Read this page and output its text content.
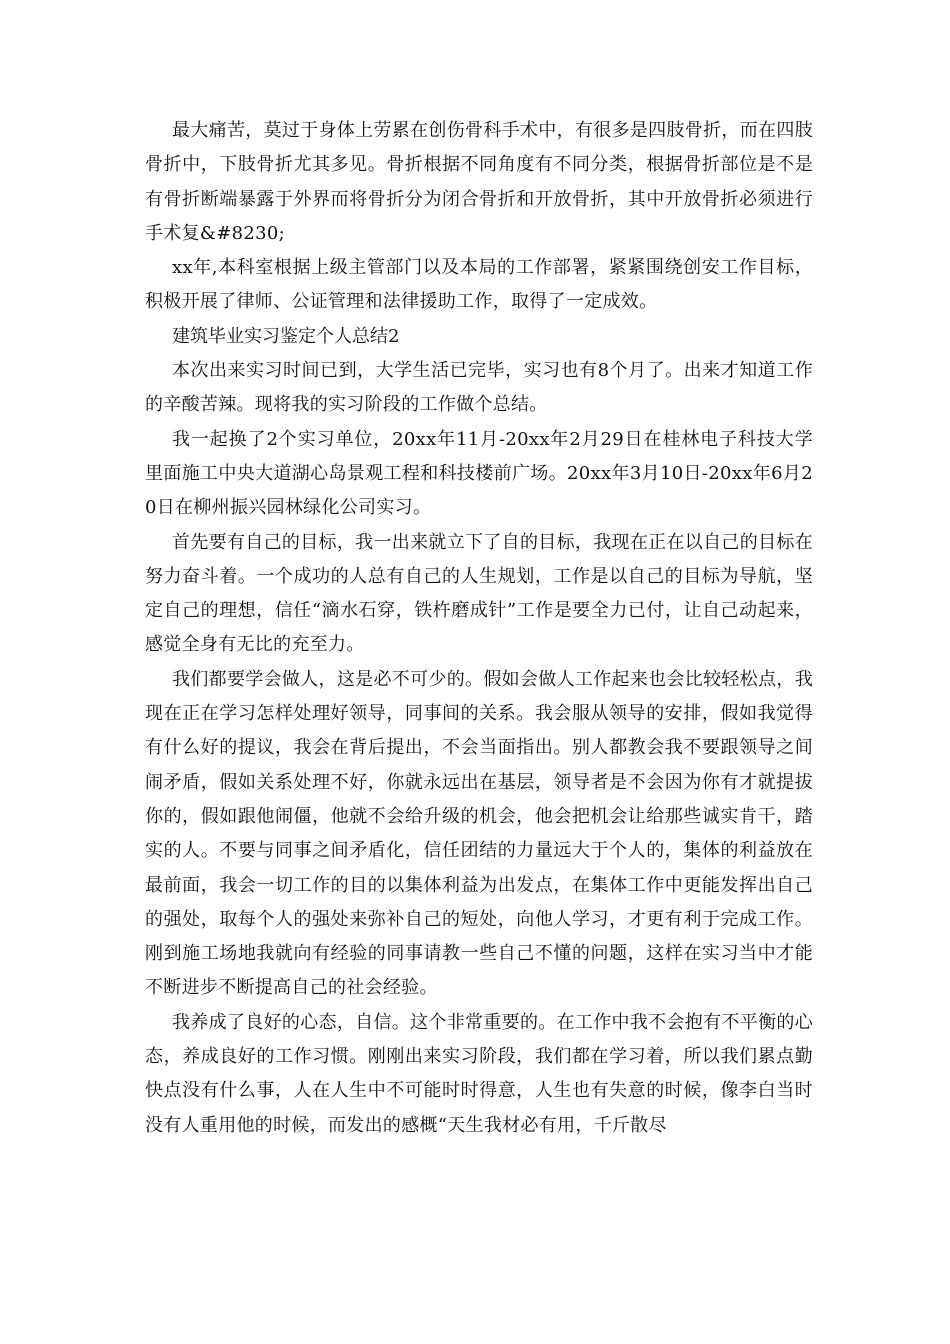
最大痛苦，莫过于身体上劳累在创伤骨科手术中，有很多是四肢骨折，而在四肢骨折中，下肢骨折尤其多见。骨折根据不同角度有不同分类，根据骨折部位是不是有骨折断端暴露于外界而将骨折分为闭合骨折和开放骨折，其中开放骨折必须进行手术复&#8230;

xx年,本科室根据上级主管部门以及本局的工作部署，紧紧围绕创安工作目标，积极开展了律师、公证管理和法律援助工作，取得了一定成效。

建筑毕业实习鉴定个人总结2

本次出来实习时间已到，大学生活已完毕，实习也有8个月了。出来才知道工作的辛酸苦辣。现将我的实习阶段的工作做个总结。

我一起换了2个实习单位，20xx年11月-20xx年2月29日在桂林电子科技大学里面施工中央大道湖心岛景观工程和科技楼前广场。20xx年3月10日-20xx年6月20日在柳州振兴园林绿化公司实习。

首先要有自己的目标，我一出来就立下了自的目标，我现在正在以自己的目标在努力奋斗着。一个成功的人总有自己的人生规划，工作是以自己的目标为导航，坚定自己的理想，信任“滴水石穿，铁杵磨成针”工作是要全力已付，让自己动起来，感觉全身有无比的充至力。

我们都要学会做人，这是必不可少的。假如会做人工作起来也会比较轻松点，我现在正在学习怎样处理好领导，同事间的关系。我会服从领导的安排，假如我觉得有什么好的提议，我会在背后提出，不会当面指出。别人都教会我不要跟领导之间闹矛盾，假如关系处理不好，你就永远出在基层，领导者是不会因为你有才就提拔你的，假如跟他闹僵，他就不会给升级的机会，他会把机会让给那些诚实肯干，踏实的人。不要与同事之间矛盾化，信任团结的力量远大于个人的，集体的利益放在最前面，我会一切工作的目的以集体利益为出发点，在集体工作中更能发挥出自己的强处，取每个人的强处来弥补自己的短处，向他人学习，才更有利于完成工作。刚到施工场地我就向有经验的同事请教一些自己不懂的问题，这样在实习当中才能不断进步不断提高自己的社会经验。

我养成了良好的心态，自信。这个非常重要的。在工作中我不会抱有不平衡的心态，养成良好的工作习惯。刚刚出来实习阶段，我们都在学习着，所以我们累点勤快点没有什么事，人在人生中不可能时时得意，人生也有失意的时候，像李白当时没有人重用他的时候，而发出的感概“天生我材必有用，千斤散尽
